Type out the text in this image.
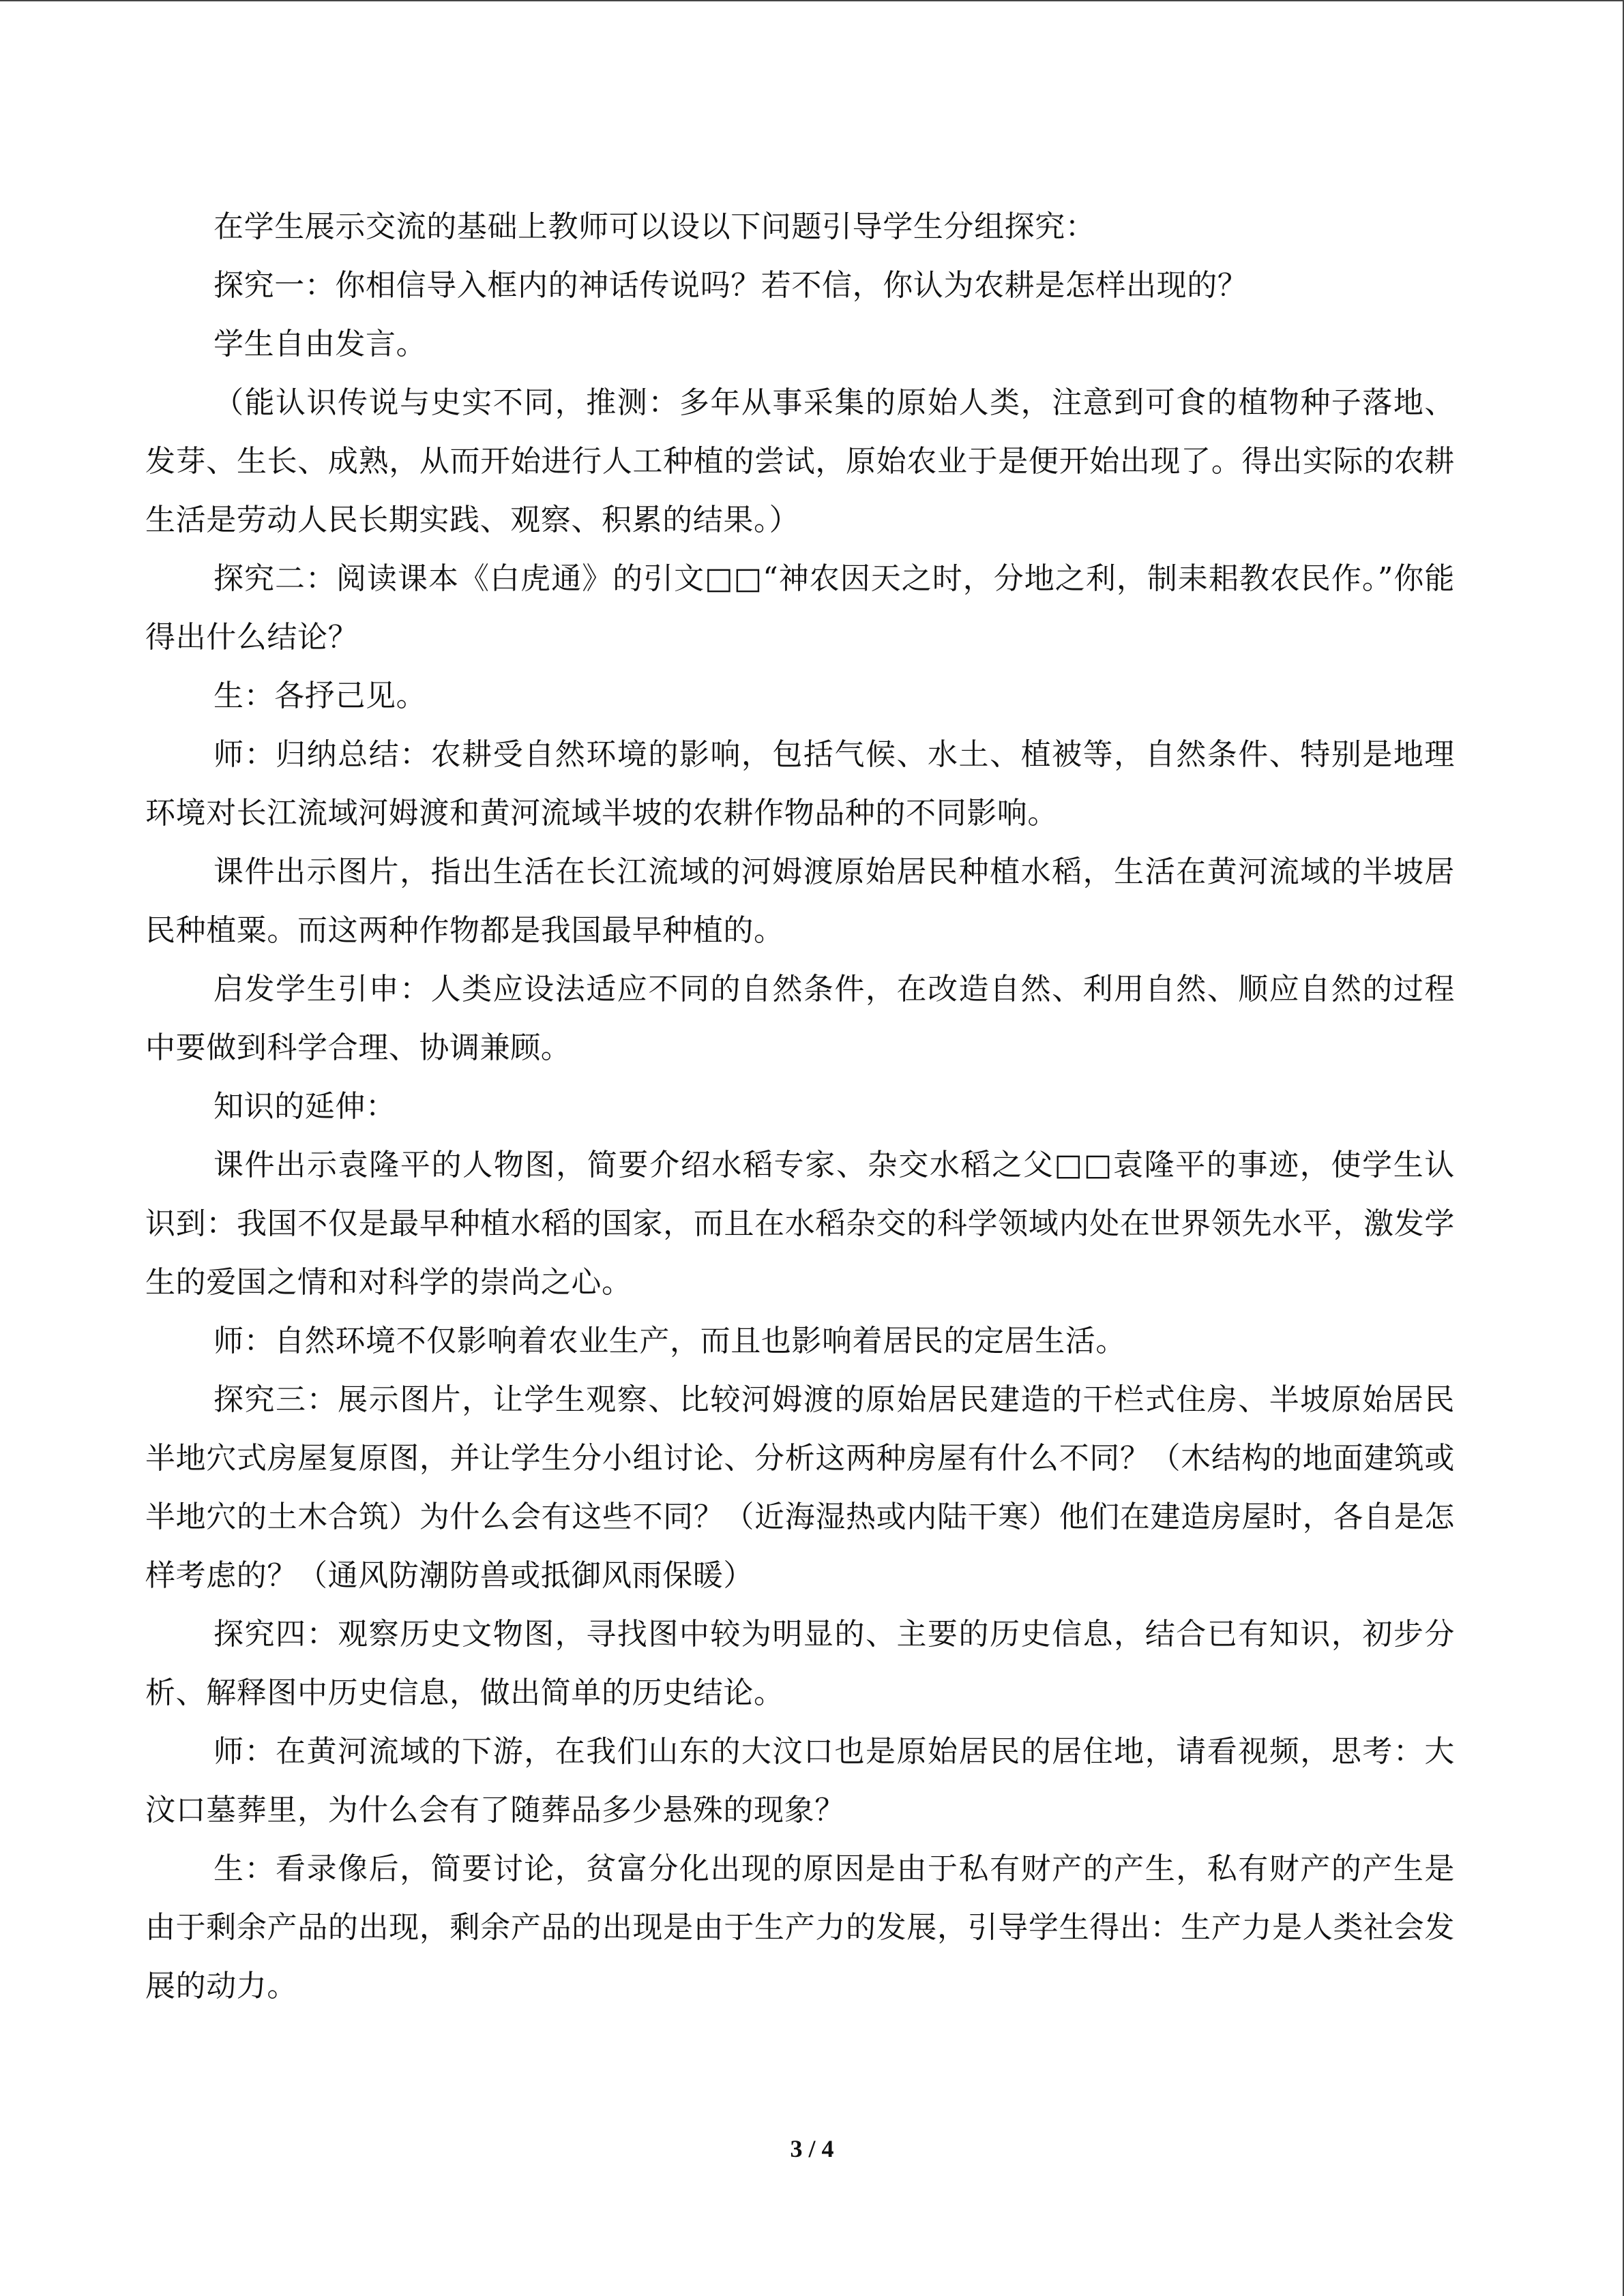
在学生展示交流的基础上教师可以设以下问题引导学生分组探究：

探究一：你相信导入框内的神话传说吗？若不信，你认为农耕是怎样出现的？

学生自由发言。

（能认识传说与史实不同，推测：多年从事采集的原始人类，注意到可食的植物种子落地、发芽、生长、成熟，从而开始进行人工种植的尝试，原始农业于是便开始出现了。得出实际的农耕生活是劳动人民长期实践、观察、积累的结果。）

探究二：阅读课本《白虎通》的引文□□“神农因天之时，分地之利，制耒耜教农民作。”你能得出什么结论？

生：各抒己见。

师：归纳总结：农耕受自然环境的影响，包括气候、水土、植被等，自然条件、特别是地理环境对长江流域河姆渡和黄河流域半坡的农耕作物品种的不同影响。

课件出示图片，指出生活在长江流域的河姆渡原始居民种植水稻，生活在黄河流域的半坡居民种植粟。而这两种作物都是我国最早种植的。

启发学生引申：人类应设法适应不同的自然条件，在改造自然、利用自然、顺应自然的过程中要做到科学合理、协调兼顾。

知识的延伸：

课件出示袁隆平的人物图，简要介绍水稻专家、杂交水稻之父□□袁隆平的事迹，使学生认识到：我国不仅是最早种植水稻的国家，而且在水稻杂交的科学领域内处在世界领先水平，激发学生的爱国之情和对科学的崇尚之心。

师：自然环境不仅影响着农业生产，而且也影响着居民的定居生活。

探究三：展示图片，让学生观察、比较河姆渡的原始居民建造的干栏式住房、半坡原始居民半地穴式房屋复原图，并让学生分小组讨论、分析这两种房屋有什么不同？（木结构的地面建筑或半地穴的土木合筑）为什么会有这些不同？（近海湿热或内陆干寒）他们在建造房屋时，各自是怎样考虑的？（通风防潮防兽或抵御风雨保暖）

探究四：观察历史文物图，寻找图中较为明显的、主要的历史信息，结合已有知识，初步分析、解释图中历史信息，做出简单的历史结论。

师：在黄河流域的下游，在我们山东的大汶口也是原始居民的居住地，请看视频，思考：大汶口墓葬里，为什么会有了随葬品多少悬殊的现象？

生：看录像后，简要讨论，贫富分化出现的原因是由于私有财产的产生，私有财产的产生是由于剩余产品的出现，剩余产品的出现是由于生产力的发展，引导学生得出：生产力是人类社会发展的动力。

3 / 4
